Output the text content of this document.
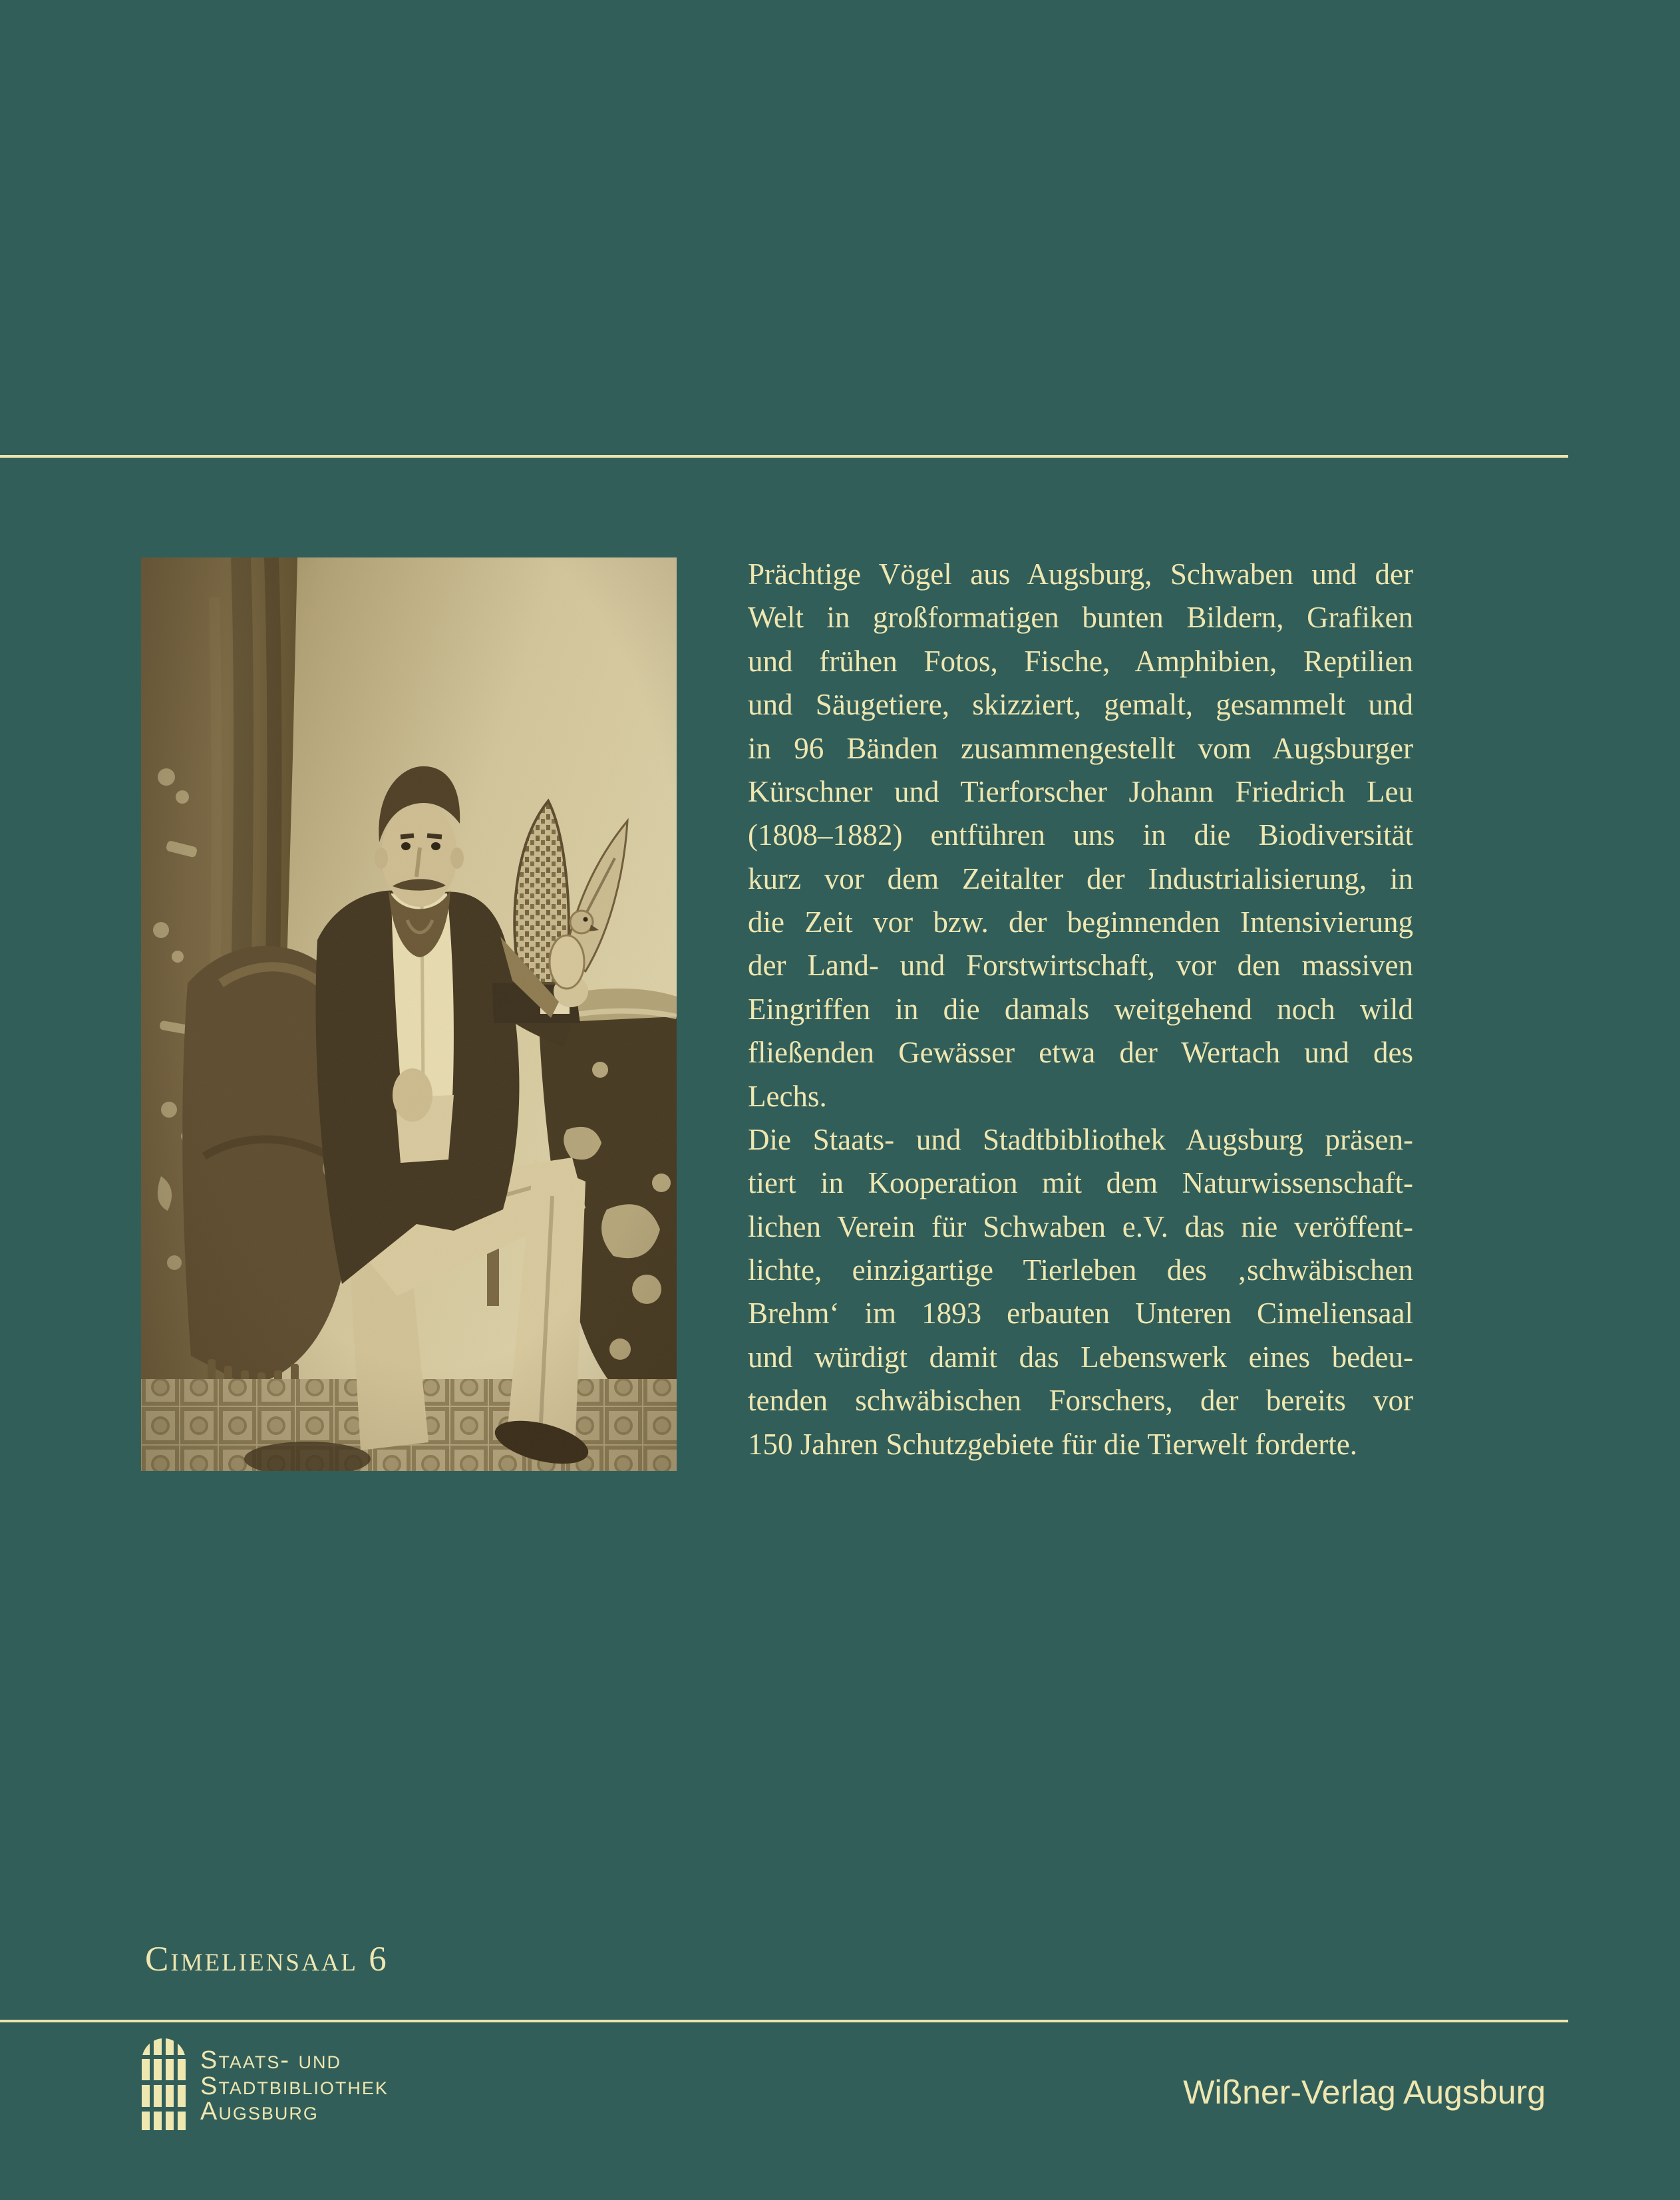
Prächtige Vögel aus Augsburg, Schwaben und der
Welt in großformatigen bunten Bildern, Grafiken
und frühen Fotos, Fische, Amphibien, Reptilien
und Säugetiere, skizziert, gemalt, gesammelt und
in 96 Bänden zusammengestellt vom Augsburger
Kürschner und Tierforscher Johann Friedrich Leu
(1808–1882) entführen uns in die Biodiversität
kurz vor dem Zeitalter der Industrialisierung, in
die Zeit vor bzw. der beginnenden Intensivierung
der Land- und Forstwirtschaft, vor den massiven
Eingriffen in die damals weitgehend noch wild
fließenden Gewässer etwa der Wertach und des
Lechs.
Die Staats- und Stadtbibliothek Augsburg präsen-
tiert in Kooperation mit dem Naturwissenschaft-
lichen Verein für Schwaben e.V. das nie veröffent-
lichte, einzigartige Tierleben des ‚schwäbischen
Brehm‘ im 1893 erbauten Unteren Cimeliensaal
und würdigt damit das Lebenswerk eines bedeu-
tenden schwäbischen Forschers, der bereits vor
150 Jahren Schutzgebiete für die Tierwelt forderte.
Cimeliensaal 6
Staats- und
Stadtbibliothek
Augsburg
Wißner-Verlag Augsburg
